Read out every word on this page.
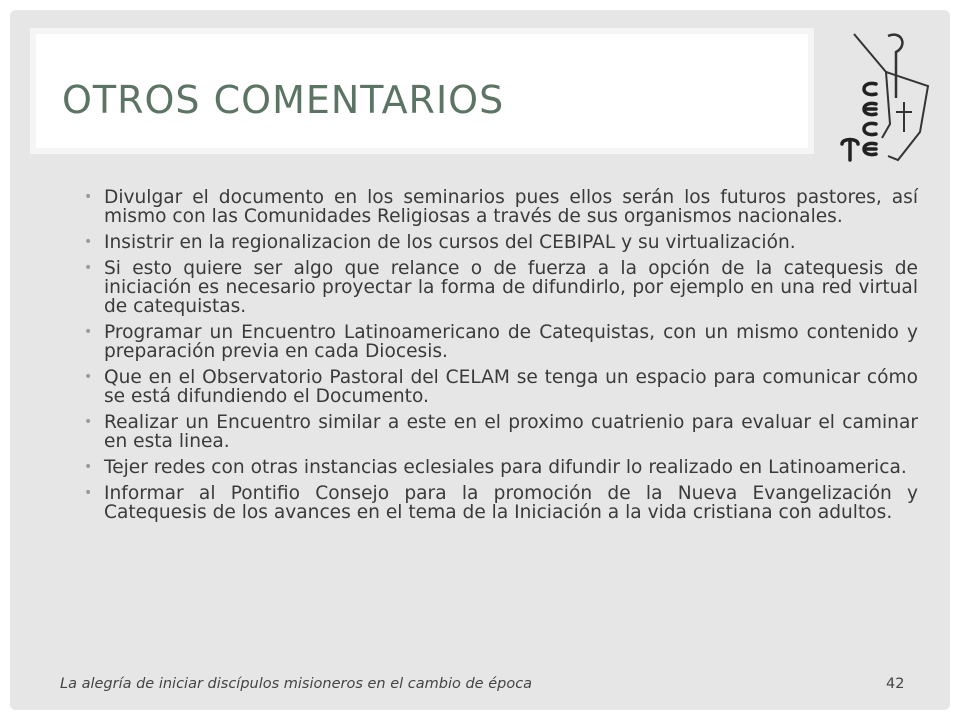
OTROS COMENTARIOS
• Divulgar el documento en los seminarios pues ellos serán los futuros pastores, así mismo con las Comunidades Religiosas a través de sus organismos nacionales.
• Insistrir en la regionalizacion de los cursos del CEBIPAL y su virtualización.
• Si esto quiere ser algo que relance o de fuerza a la opción de la catequesis de iniciación es necesario proyectar la forma de difundirlo, por ejemplo en una red virtual de catequistas.
• Programar un Encuentro Latinoamericano de Catequistas, con un mismo contenido y preparación previa en cada Diocesis.
• Que en el Observatorio Pastoral del CELAM se tenga un espacio para comunicar cómo se está difundiendo el Documento.
• Realizar un Encuentro similar a este en el proximo cuatrienio para evaluar el caminar en esta linea.
• Tejer redes con otras instancias eclesiales para difundir lo realizado en Latinoamerica.
• Informar al Pontifio Consejo para la promoción de la Nueva Evangelización y Catequesis de los avances en el tema de la Iniciación a la vida cristiana con adultos.
La alegría de iniciar discípulos misioneros en el cambio de época	42
